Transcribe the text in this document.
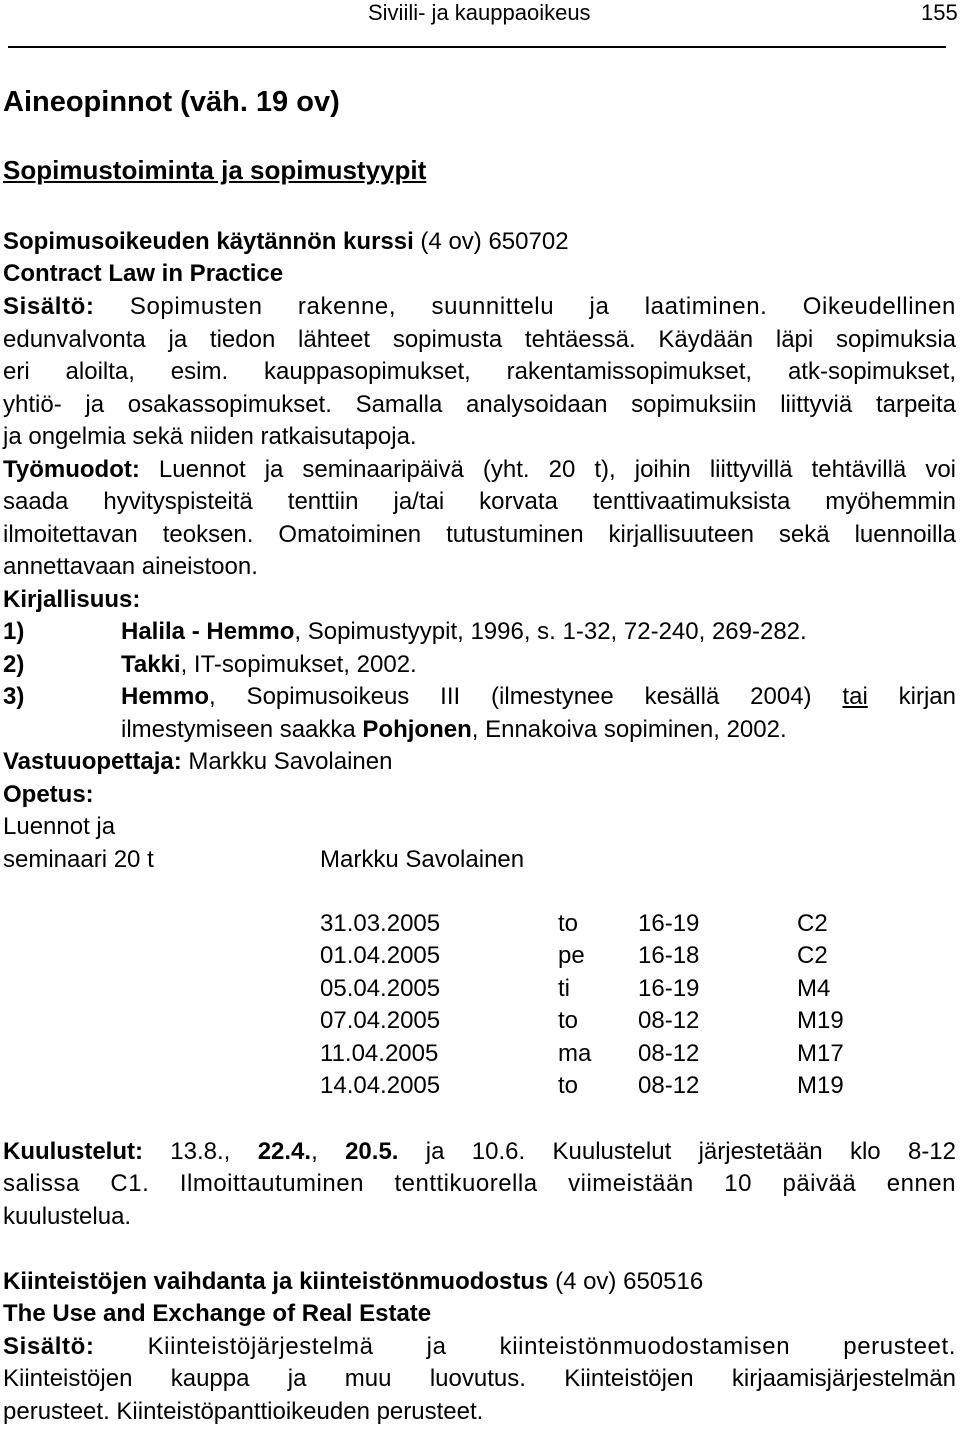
Siviili- ja kauppaoikeus	155
Aineopinnot (väh. 19 ov)
Sopimustoiminta ja sopimustyypit
Sopimusoikeuden käytännön kurssi (4 ov) 650702
Contract Law in Practice
Sisältö: Sopimusten rakenne, suunnittelu ja laatiminen. Oikeudellinen
edunvalvonta ja tiedon lähteet sopimusta tehtäessä. Käydään läpi sopimuksia
eri aloilta, esim. kauppasopimukset, rakentamissopimukset, atk-sopimukset,
yhtiö- ja osakassopimukset. Samalla analysoidaan sopimuksiin liittyviä tarpeita
ja ongelmia sekä niiden ratkaisutapoja.
Työmuodot: Luennot ja seminaaripäivä (yht. 20 t), joihin liittyvillä tehtävillä voi
saada hyvityspisteitä tenttiin ja/tai korvata tenttivaatimuksista myöhemmin
ilmoitettavan teoksen. Omatoiminen tutustuminen kirjallisuuteen sekä luennoilla
annettavaan aineistoon.
Kirjallisuus:
1)	Halila - Hemmo, Sopimustyypit, 1996, s. 1-32, 72-240, 269-282.
2)	Takki, IT-sopimukset, 2002.
3)	Hemmo, Sopimusoikeus III (ilmestynee kesällä 2004) tai kirjan
ilmestymiseen saakka Pohjonen, Ennakoiva sopiminen, 2002.
Vastuuopettaja: Markku Savolainen
Opetus:
Luennot ja
seminaari 20 t	Markku Savolainen
31.03.2005	to 16-19	C2
01.04.2005	pe 16-18	C2
05.04.2005	ti	16-19	M4
07.04.2005	to 08-12	M19
11.04.2005	ma 08-12	M17
14.04.2005	to 08-12	M19
Kuulustelut: 13.8., 22.4., 20.5. ja 10.6. Kuulustelut järjestetään klo 8-12
salissa C1. Ilmoittautuminen tenttikuorella viimeistään 10 päivää ennen
kuulustelua.
Kiinteistöjen vaihdanta ja kiinteistönmuodostus (4 ov) 650516
The Use and Exchange of Real Estate
Sisältö: Kiinteistöjärjestelmä ja kiinteistönmuodostamisen perusteet.
Kiinteistöjen kauppa ja muu luovutus. Kiinteistöjen kirjaamisjärjestelmän
perusteet. Kiinteistöpanttioikeuden perusteet.
